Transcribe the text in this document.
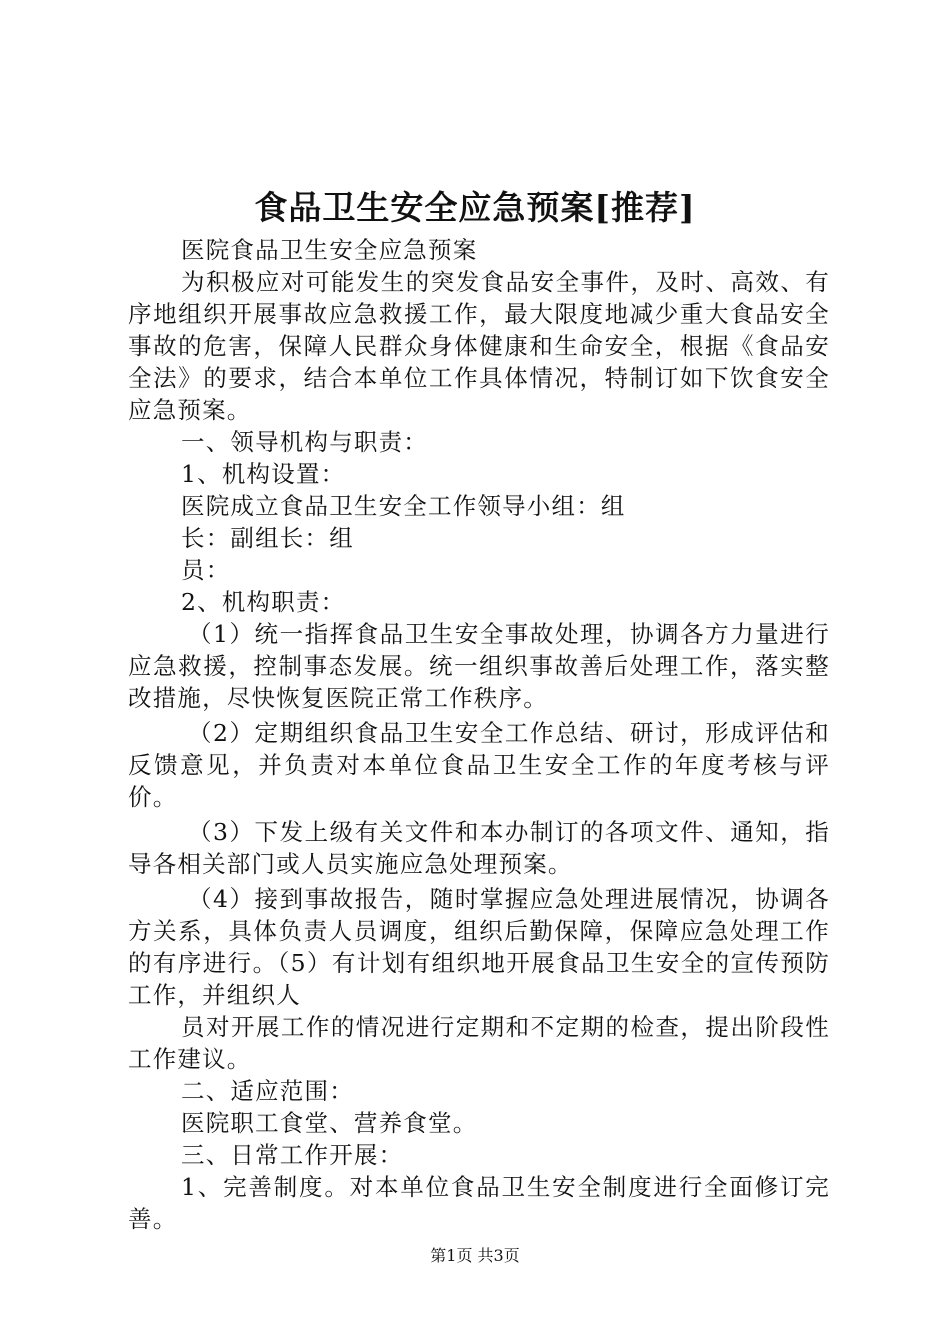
食品卫生安全应急预案[推荐]

医院食品卫生安全应急预案

为积极应对可能发生的突发食品安全事件，及时、高效、有序地组织开展事故应急救援工作，最大限度地减少重大食品安全事故的危害，保障人民群众身体健康和生命安全，根据《食品安全法》的要求，结合本单位工作具体情况，特制订如下饮食安全应急预案。

一、领导机构与职责：

1、机构设置：

医院成立食品卫生安全工作领导小组：组

长：副组长：组

员：

2、机构职责：

（1）统一指挥食品卫生安全事故处理，协调各方力量进行应急救援，控制事态发展。统一组织事故善后处理工作，落实整改措施，尽快恢复医院正常工作秩序。

（2）定期组织食品卫生安全工作总结、研讨，形成评估和反馈意见，并负责对本单位食品卫生安全工作的年度考核与评价。

（3）下发上级有关文件和本办制订的各项文件、通知，指导各相关部门或人员实施应急处理预案。

（4）接到事故报告，随时掌握应急处理进展情况，协调各方关系，具体负责人员调度，组织后勤保障，保障应急处理工作的有序进行。（5）有计划有组织地开展食品卫生安全的宣传预防工作，并组织人

员对开展工作的情况进行定期和不定期的检查，提出阶段性工作建议。

二、适应范围：

医院职工食堂、营养食堂。

三、日常工作开展：

1、完善制度。对本单位食品卫生安全制度进行全面修订完善。

第1页 共3页
